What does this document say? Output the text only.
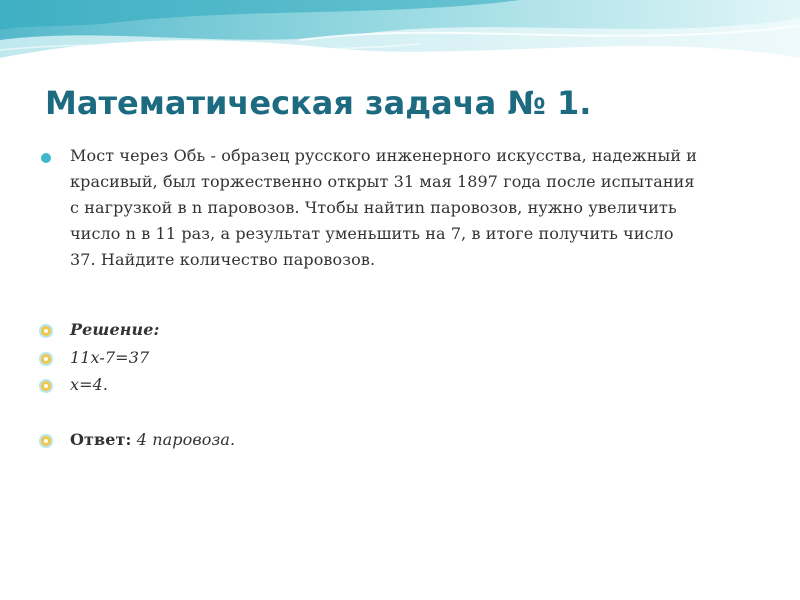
Математическая задача № 1.
Мост через Обь - образец русского инженерного искусства, надежный и красивый, был торжественно открыт 31 мая 1897 года после испытания с нагрузкой в n паровозов. Чтобы найтиn паровозов, нужно увеличить число n в 11 раз, а результат уменьшить на 7, в итоге получить число 37. Найдите количество паровозов.
Решение:
11x-7=37
x=4.
Ответ: 4 паровоза.
